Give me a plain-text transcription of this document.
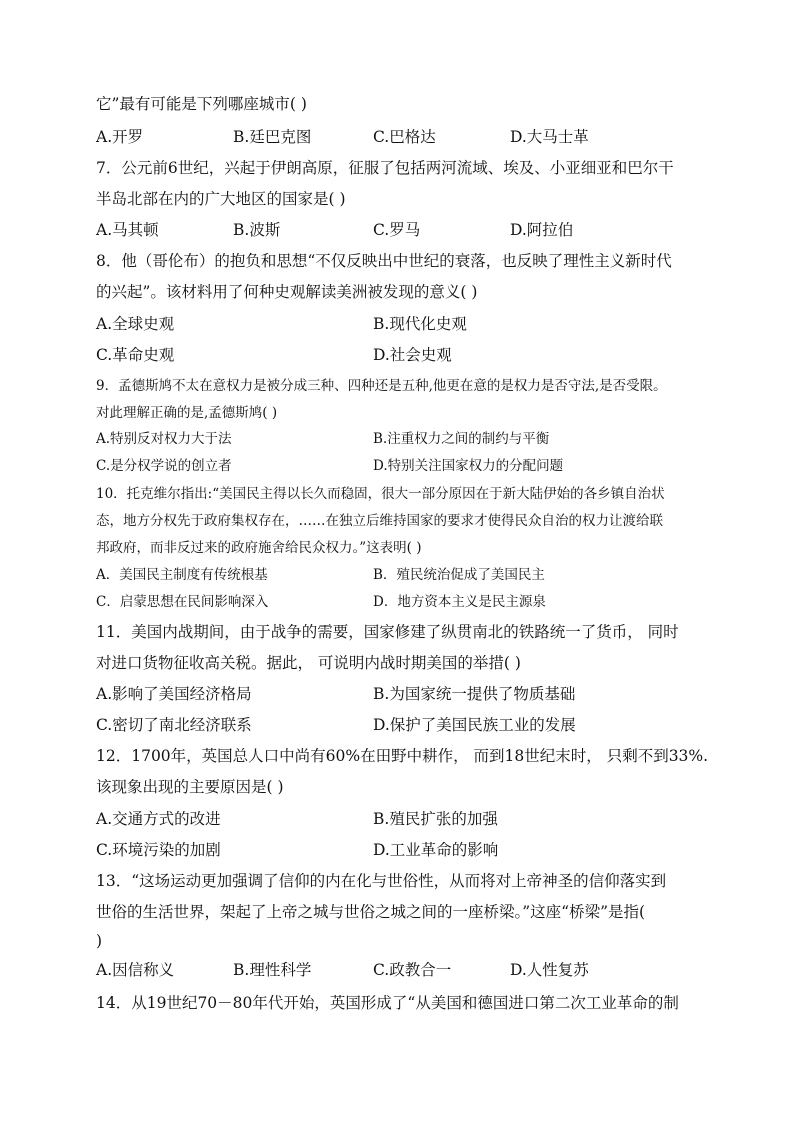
它”最有可能是下列哪座城市( )
A.开罗	B.廷巴克图	C.巴格达	D.大马士革
7．公元前6世纪，兴起于伊朗高原，征服了包括两河流域、埃及、小亚细亚和巴尔干
半岛北部在内的广大地区的国家是( )
A.马其顿	B.波斯	C.罗马	D.阿拉伯
8．他（哥伦布）的抱负和思想“不仅反映出中世纪的衰落，也反映了理性主义新时代
的兴起”。该材料用了何种史观解读美洲被发现的意义( )
A.全球史观	B.现代化史观
C.革命史观	D.社会史观
9．孟德斯鸠不太在意权力是被分成三种、四种还是五种,他更在意的是权力是否守法,是否受限。
对此理解正确的是,孟德斯鸠( )
A.特别反对权力大于法	B.注重权力之间的制约与平衡
C.是分权学说的创立者	D.特别关注国家权力的分配问题
10．托克维尔指出:“美国民主得以长久而稳固，很大一部分原因在于新大陆伊始的各乡镇自治状
态，地方分权先于政府集权存在，……在独立后维持国家的要求才使得民众自治的权力让渡给联
邦政府，而非反过来的政府施舍给民众权力。”这表明( )
A．美国民主制度有传统根基	B．殖民统治促成了美国民主
C．启蒙思想在民间影响深入	D．地方资本主义是民主源泉
11．美国内战期间，由于战争的需要，国家修建了纵贯南北的铁路统一了货币， 同时
对进口货物征收高关税。据此， 可说明内战时期美国的举措( )
A.影响了美国经济格局	B.为国家统一提供了物质基础
C.密切了南北经济联系	D.保护了美国民族工业的发展
12．1700年，英国总人口中尚有60%在田野中耕作， 而到18世纪末时， 只剩不到33%.
该现象出现的主要原因是( )
A.交通方式的改进	B.殖民扩张的加强
C.环境污染的加剧	D.工业革命的影响
13．“这场运动更加强调了信仰的内在化与世俗性，从而将对上帝神圣的信仰落实到
世俗的生活世界，架起了上帝之城与世俗之城之间的一座桥梁。”这座“桥梁”是指(
)
A.因信称义	B.理性科学	C.政教合一	D.人性复苏
14．从19世纪70－80年代开始，英国形成了“从美国和德国进口第二次工业革命的制
